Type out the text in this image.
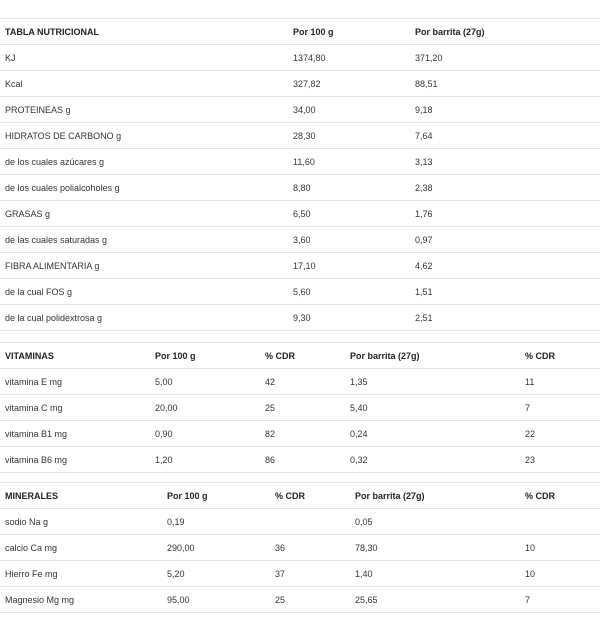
TABLA NUTRICIONAL	Por 100 g	Por barrita (27g)
KJ	1374,80	371,20
Kcal	327,82	88,51
PROTEINEAS g	34,00	9,18
HIDRATOS DE CARBONO g	28,30	7,64
de los cuales azúcares g	11,60	3,13
de los cuales polialcoholes g	8,80	2,38
GRASAS g	6,50	1,76
de las cuales saturadas g	3,60	0,97
FIBRA ALIMENTARIA g	17,10	4,62
de la cual FOS g	5,60	1,51
de la cual polidextrosa g	9,30	2,51
VITAMINAS	Por 100 g	% CDR	Por barrita (27g)	% CDR
vitamina E mg	5,00	42	1,35	11
vitamina C mg	20,00	25	5,40	7
vitamina B1 mg	0,90	82	0,24	22
vitamina B6 mg	1,20	86	0,32	23
MINERALES	Por 100 g	% CDR	Por barrita (27g)	% CDR
sodio Na g	0,19		0,05	
calcio Ca mg	290,00	36	78,30	10
Hierro Fe mg	5,20	37	1,40	10
Magnesio Mg mg	95,00	25	25,65	7
